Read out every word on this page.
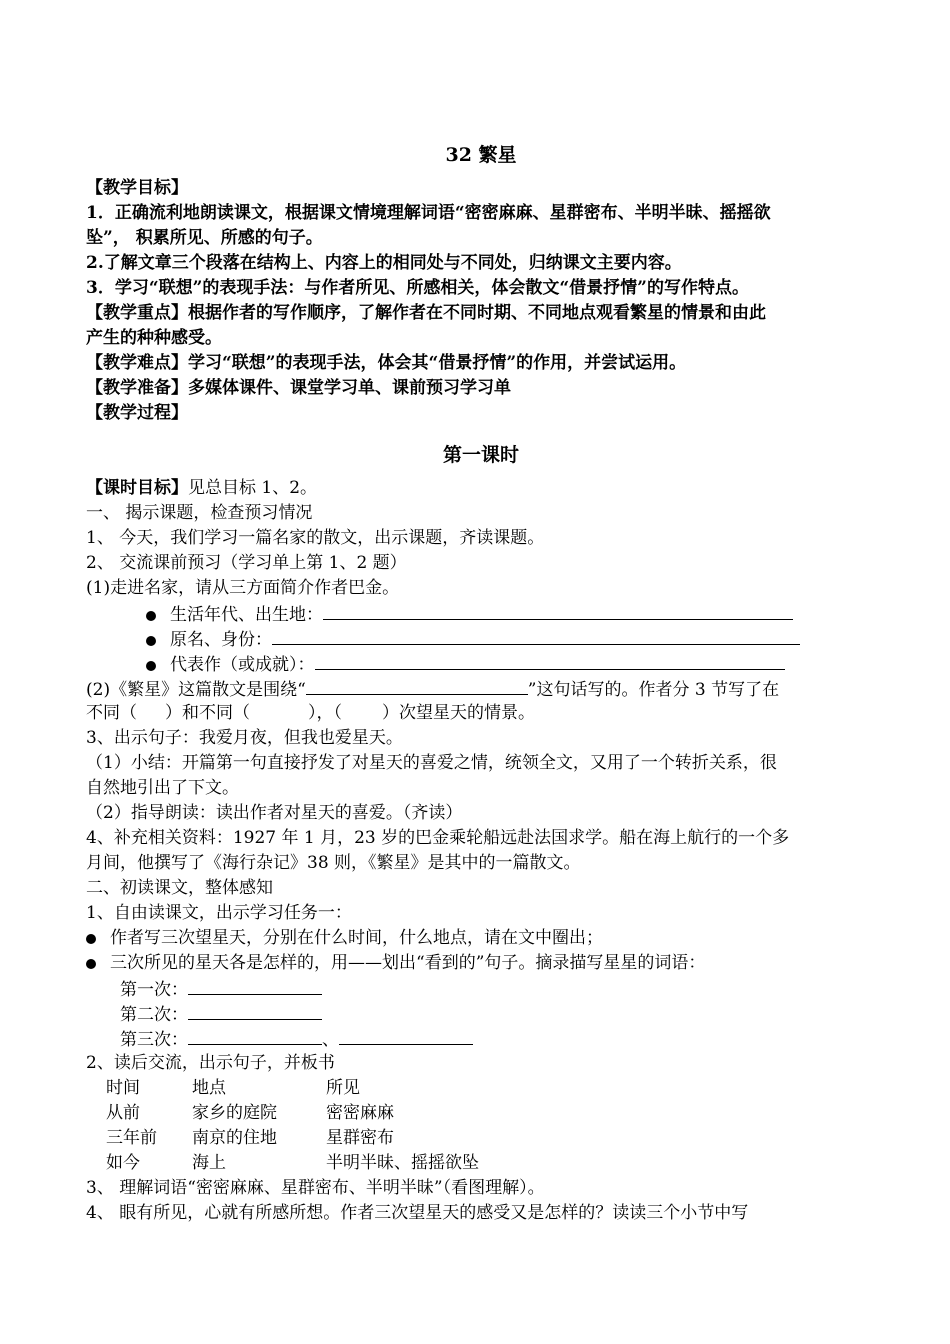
32 繁星
【教学目标】
1．正确流利地朗读课文，根据课文情境理解词语“密密麻麻、星群密布、半明半昧、摇摇欲
坠”， 积累所见、所感的句子。
2.了解文章三个段落在结构上、内容上的相同处与不同处，归纳课文主要内容。
3．学习“联想”的表现手法：与作者所见、所感相关，体会散文“借景抒情”的写作特点。
【教学重点】根据作者的写作顺序，了解作者在不同时期、不同地点观看繁星的情景和由此
产生的种种感受。
【教学难点】学习“联想”的表现手法，体会其“借景抒情”的作用，并尝试运用。
【教学准备】多媒体课件、课堂学习单、课前预习学习单
【教学过程】
第一课时
【课时目标】见总目标 1、2。
一、 揭示课题，检查预习情况
1、 今天，我们学习一篇名家的散文，出示课题，齐读课题。
2、 交流课前预习（学习单上第 1、2 题）
(1)走进名家，请从三方面简介作者巴金。
生活年代、出生地：
原名、身份：
代表作（或成就）：
(2)《繁星》这篇散文是围绕“	”这句话写的。作者分 3 节写了在
不同（ ）和不同（	），（ ）次望星天的情景。
3、出示句子：我爱月夜，但我也爱星天。
（1）小结：开篇第一句直接抒发了对星天的喜爱之情，统领全文，又用了一个转折关系，很
自然地引出了下文。
（2）指导朗读：读出作者对星天的喜爱。（齐读）
4、补充相关资料：1927 年 1 月，23 岁的巴金乘轮船远赴法国求学。船在海上航行的一个多
月间，他撰写了《海行杂记》38 则，《繁星》是其中的一篇散文。
二、初读课文，整体感知
1、自由读课文，出示学习任务一：
作者写三次望星天，分别在什么时间，什么地点，请在文中圈出；
三次所见的星天各是怎样的，用——划出“看到的”句子。摘录描写星星的词语：
第一次：
第二次：
第三次：	、
2、读后交流，出示句子，并板书
时间	地点	所见
从前	家乡的庭院	密密麻麻
三年前 南京的住地	星群密布
如今	海上	半明半昧、摇摇欲坠
3、 理解词语“密密麻麻、星群密布、半明半昧”（看图理解）。
4、 眼有所见，心就有所感所想。作者三次望星天的感受又是怎样的？读读三个小节中写
